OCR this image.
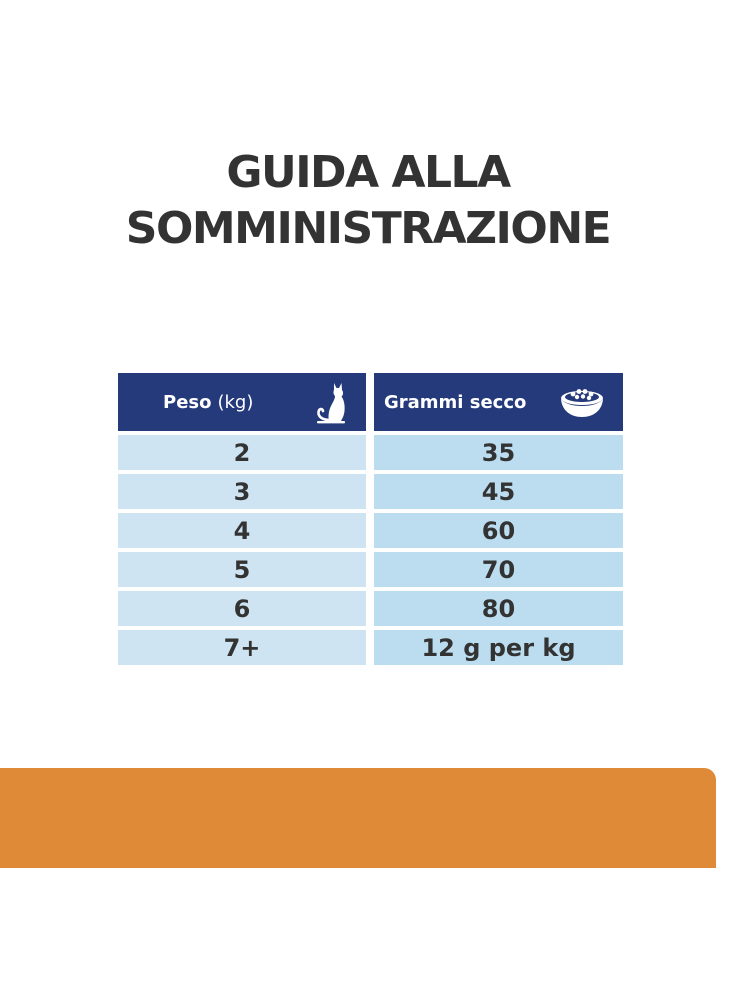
GUIDA ALLA
SOMMINISTRAZIONE
Peso (kg)	Grammi secco
2	35
3	45
4	60
5	70
6	80
7+	12 g per kg
